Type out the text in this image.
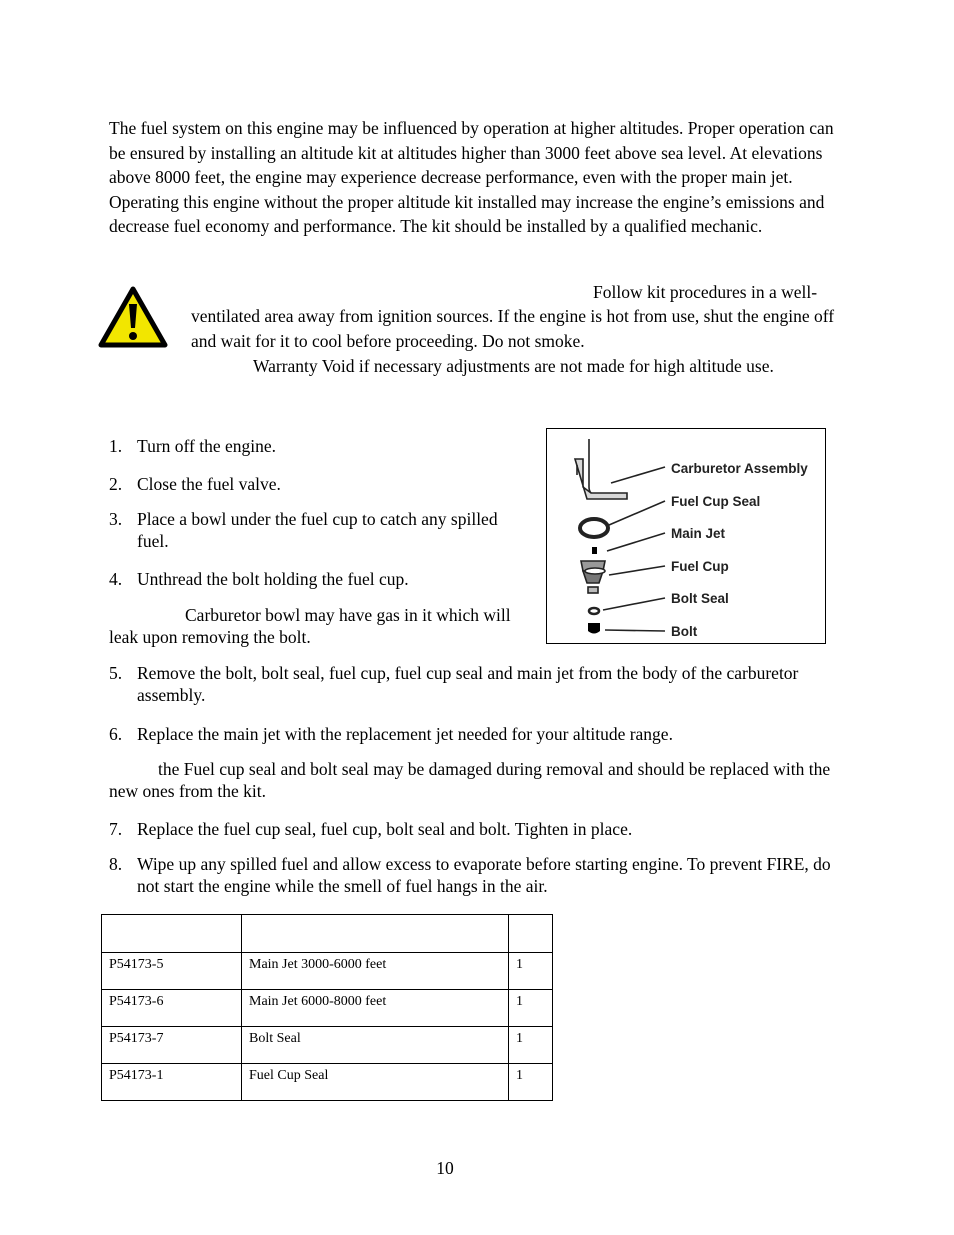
The fuel system on this engine may be influenced by operation at higher altitudes. Proper operation can be ensured by installing an altitude kit at altitudes higher than 3000 feet above sea level. At elevations above 8000 feet, the engine may experience decrease performance, even with the proper main jet. Operating this engine without the proper altitude kit installed may increase the engine’s emissions and decrease fuel economy and performance. The kit should be installed by a qualified mechanic.

Follow kit procedures in a well-

ventilated area away from ignition sources. If the engine is hot from use, shut the engine off and wait for it to cool before proceeding. Do not smoke.

Warranty Void if necessary adjustments are not made for high altitude use.

1. Turn off the engine.
2. Close the fuel valve.
3. Place a bowl under the fuel cup to catch any spilled fuel.
4. Unthread the bolt holding the fuel cup.
Carburetor bowl may have gas in it which will
leak upon removing the bolt.
5. Remove the bolt, bolt seal, fuel cup, fuel cup seal and main jet from the body of the carburetor assembly.
6. Replace the main jet with the replacement jet needed for your altitude range.

the Fuel cup seal and bolt seal may be damaged during removal and should be replaced with the new ones from the kit.

7. Replace the fuel cup seal, fuel cup, bolt seal and bolt. Tighten in place.
8. Wipe up any spilled fuel and allow excess to evaporate before starting engine. To prevent FIRE, do not start the engine while the smell of fuel hangs in the air.
Carburetor Assembly
Fuel Cup Seal
Main Jet
Fuel Cup
Bolt Seal
Bolt

P54173-5	Main Jet 3000-6000 feet	1
P54173-6	Main Jet 6000-8000 feet	1
P54173-7	Bolt Seal	1
P54173-1	Fuel Cup Seal	1
10
